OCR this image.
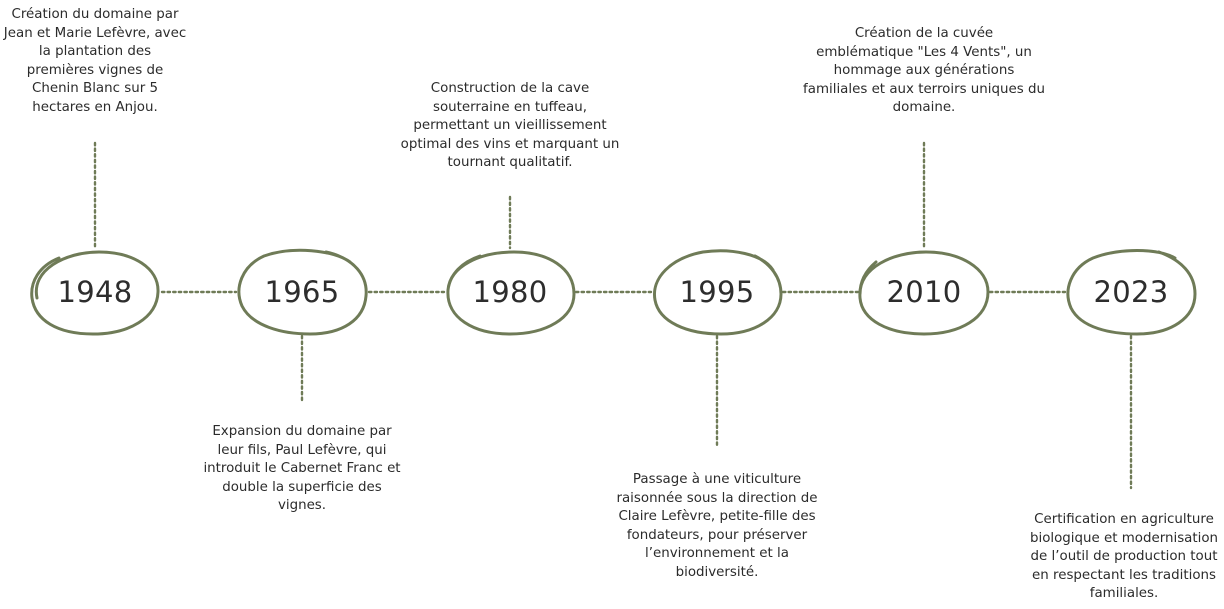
1948	1965	1980	1995	2010	2023
Création du domaine par
Jean et Marie Lefèvre, avec
la plantation des
premières vignes de
Chenin Blanc sur 5
hectares en Anjou.
Expansion du domaine par
leur fils, Paul Lefèvre, qui
introduit le Cabernet Franc et
double la superficie des
vignes.
Construction de la cave
souterraine en tuffeau,
permettant un vieillissement
optimal des vins et marquant un
tournant qualitatif.
Passage à une viticulture
raisonnée sous la direction de
Claire Lefèvre, petite-fille des
fondateurs, pour préserver
l’environnement et la
biodiversité.
Création de la cuvée
emblématique "Les 4 Vents", un
hommage aux générations
familiales et aux terroirs uniques du
domaine.
Certification en agriculture
biologique et modernisation
de l’outil de production tout
en respectant les traditions
familiales.
